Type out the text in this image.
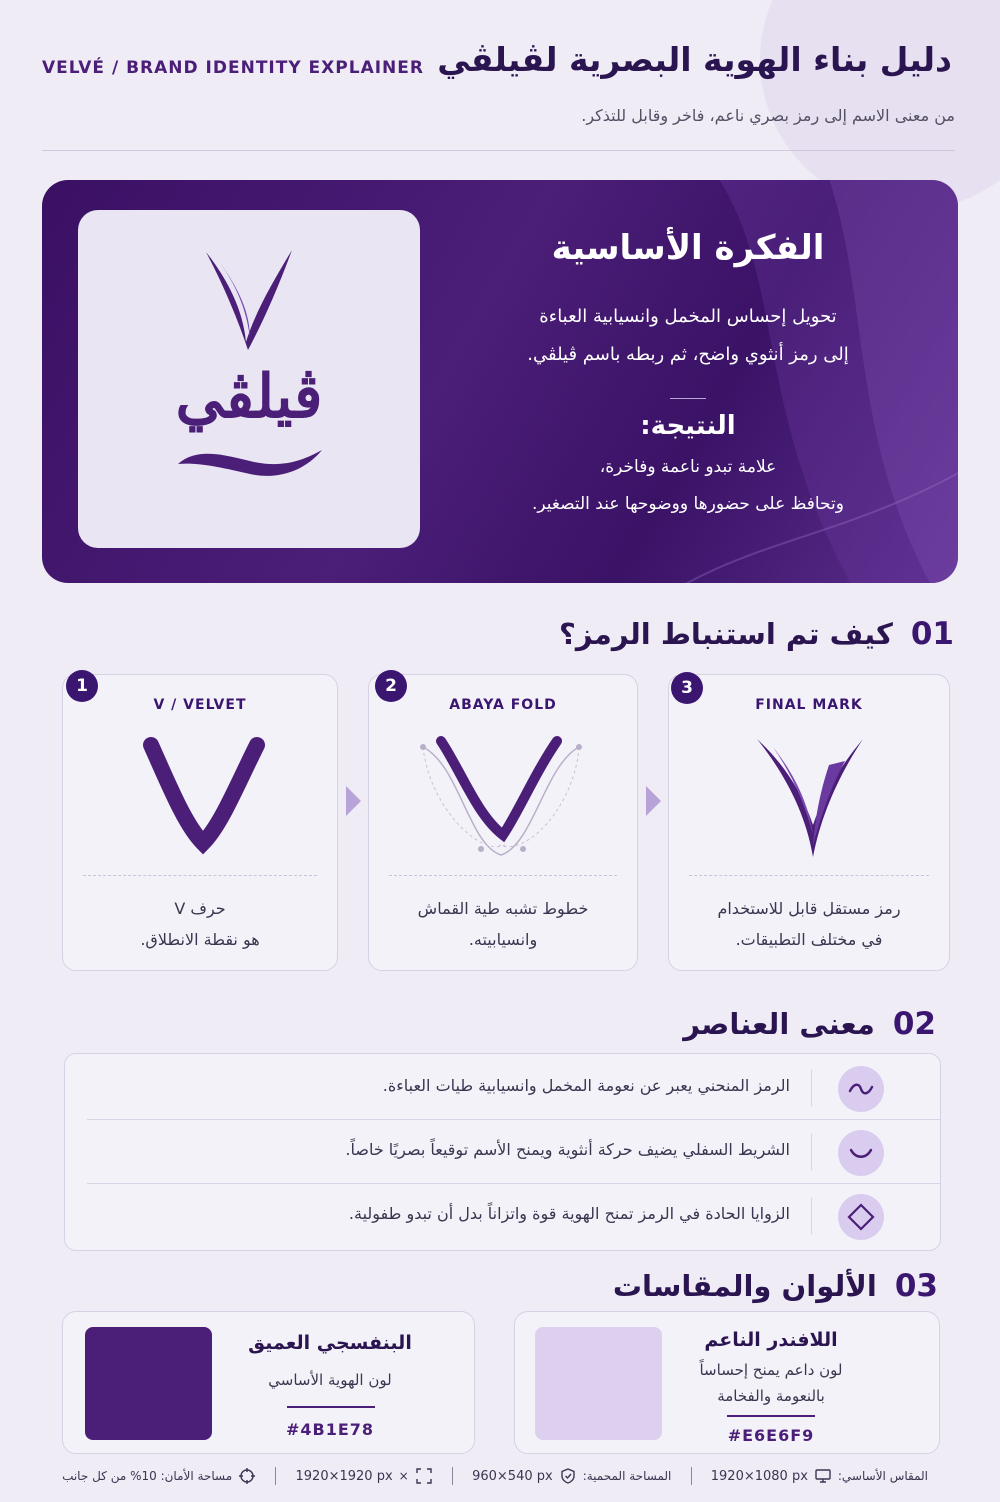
VELVÉ / BRAND IDENTITY EXPLAINER دليل بناء الهوية البصرية لڤيلڤي
من معنى الاسم إلى رمز بصري ناعم، فاخر وقابل للتذكر.
ڤيلڤي
الفكرة الأساسية
تحويل إحساس المخمل وانسيابية العباءة
إلى رمز أنثوي واضح، ثم ربطه باسم ڤيلڤي.
النتيجة:
علامة تبدو ناعمة وفاخرة،
وتحافظ على حضورها ووضوحها عند التصغير.
01كيف تم استنباط الرمز؟
V / VELVET
حرف V
هو نقطة الانطلاق.
1
ABAYA FOLD
خطوط تشبه طية القماش
وانسيابيته.
2
FINAL MARK
رمز مستقل قابل للاستخدام
في مختلف التطبيقات.
3
02معنى العناصر
الرمز المنحني يعبر عن نعومة المخمل وانسيابية طيات العباءة.
الشريط السفلي يضيف حركة أنثوية ويمنح الأسم توقيعاً بصريًا خاصاً.
الزوايا الحادة في الرمز تمنح الهوية قوة واتزاناً بدل أن تبدو طفولية.
03الألوان والمقاسات
البنفسجي العميق
لون الهوية الأساسي
#4B1E78
اللافندر الناعم
لون داعم يمنح إحساساً
بالنعومة والفخامة
#E6E6F9
المقاس الأساسي:
1920×1080 px
المساحة المحمية:
960×540 px
×
1920×1920 px
مساحة الأمان: 10% من كل جانب
